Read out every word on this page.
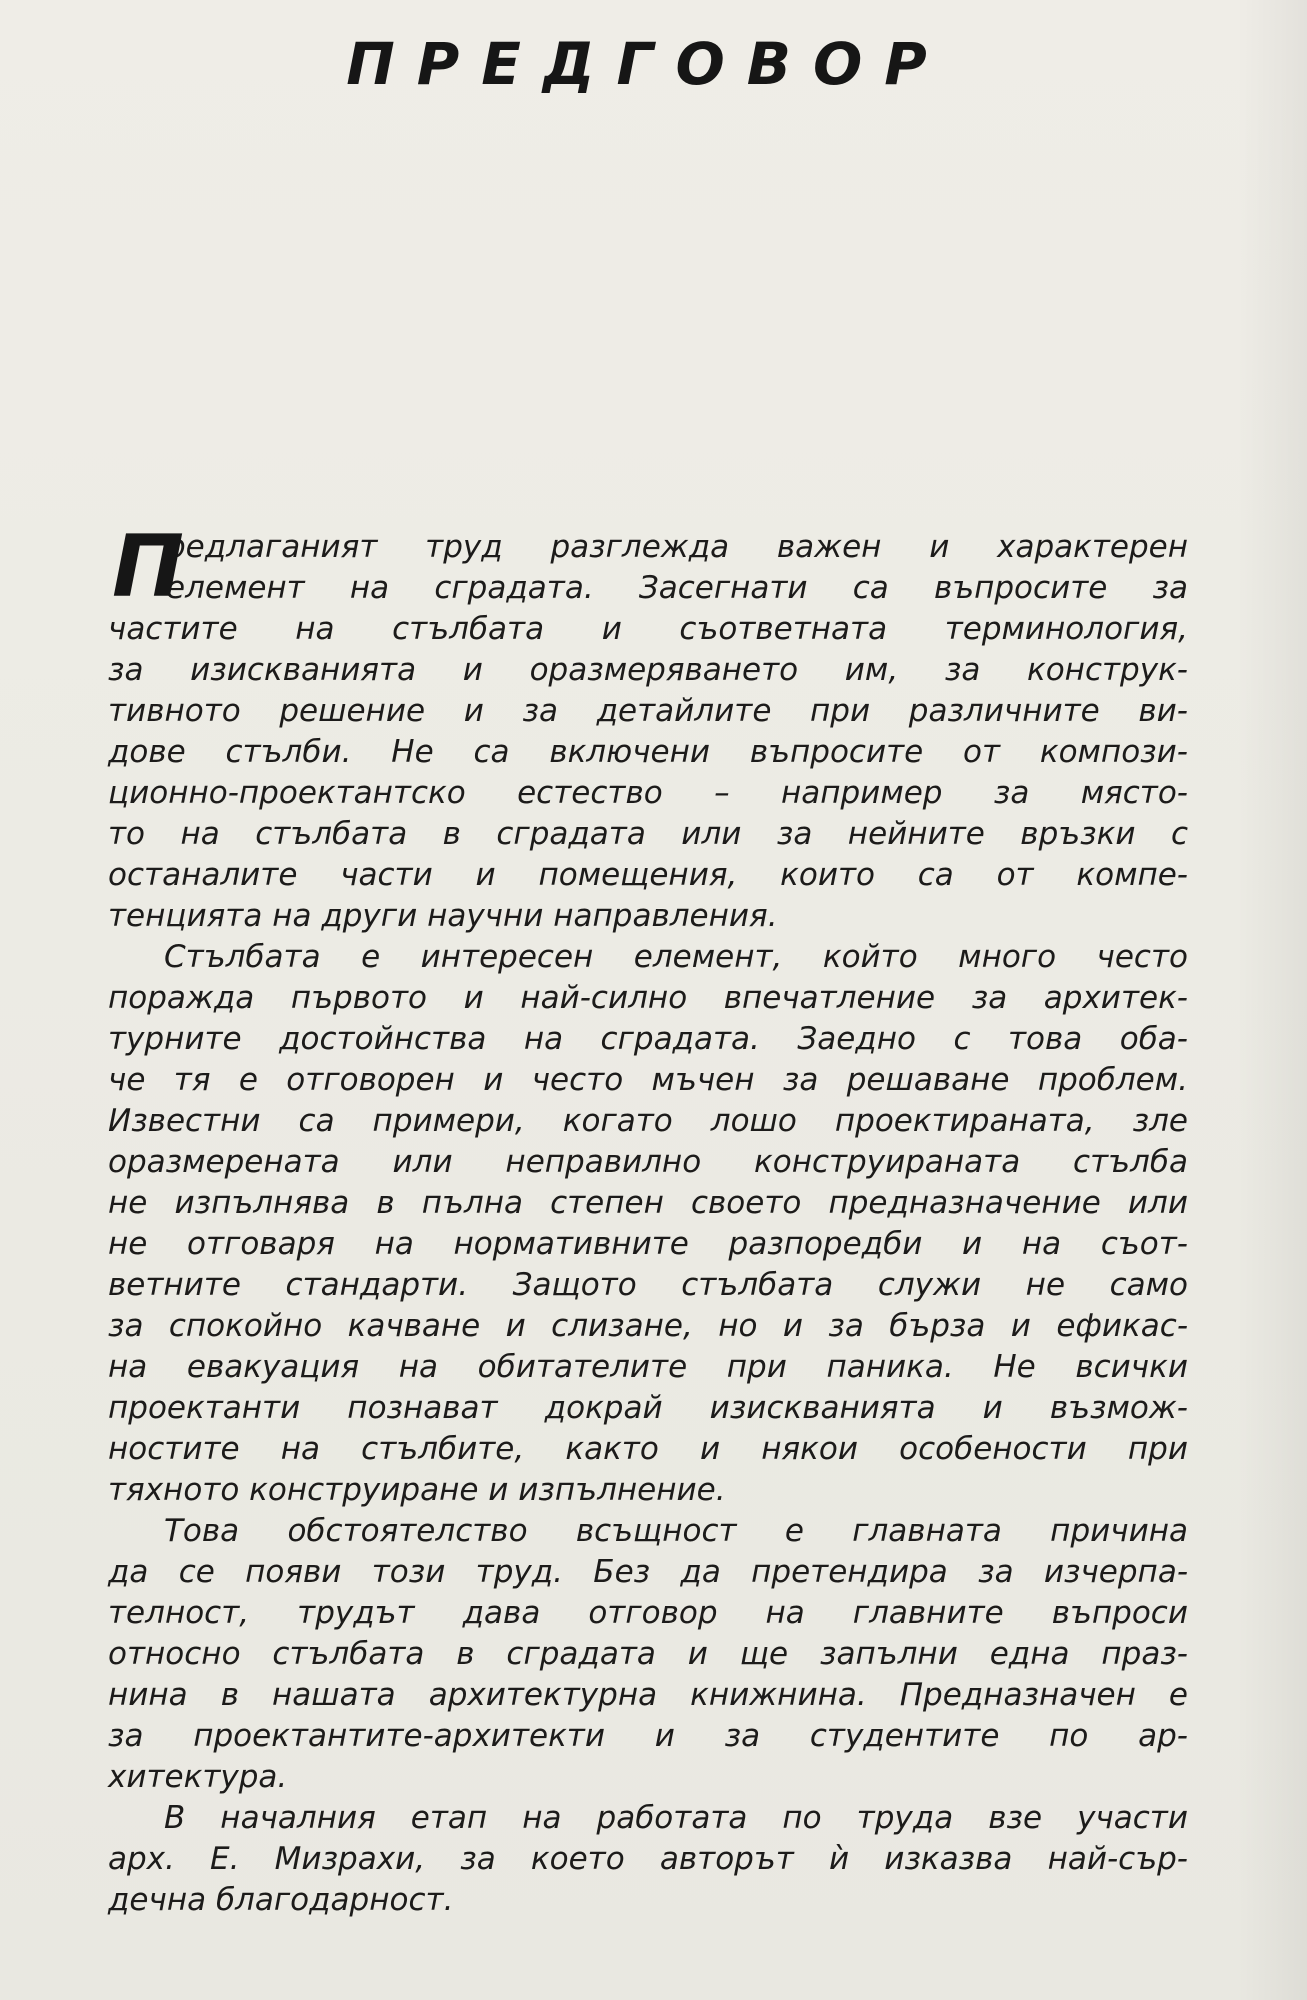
ПРЕДГОВОР
П
редлаганият труд разглежда важен и характерен
елемент на сградата. Засегнати са въпросите за
частите на стълбата и съответната терминология,
за изискванията и оразмеряването им, за конструк-
тивното решение и за детайлите при различните ви-
дове стълби. Не са включени въпросите от компози-
ционно-проектантско естество – например за място-
то на стълбата в сградата или за нейните връзки с
останалите части и помещения, които са от компе-
тенцията на други научни направления.
Стълбата е интересен елемент, който много често
поражда първото и най-силно впечатление за архитек-
турните достойнства на сградата. Заедно с това оба-
че тя е отговорен и често мъчен за решаване проблем.
Известни са примери, когато лошо проектираната, зле
оразмерената или неправилно конструираната стълба
не изпълнява в пълна степен своето предназначение или
не отговаря на нормативните разпоредби и на съот-
ветните стандарти. Защото стълбата служи не само
за спокойно качване и слизане, но и за бърза и ефикас-
на евакуация на обитателите при паника. Не всички
проектанти познават докрай изискванията и възмож-
ностите на стълбите, както и някои особености при
тяхното конструиране и изпълнение.
Това обстоятелство всъщност е главната причина
да се появи този труд. Без да претендира за изчерпа-
телност, трудът дава отговор на главните въпроси
относно стълбата в сградата и ще запълни една праз-
нина в нашата архитектурна книжнина. Предназначен е
за проектантите-архитекти и за студентите по ар-
хитектура.
В началния етап на работата по труда взе участи
арх. Е. Мизрахи, за което авторът ѝ изказва най-сър-
дечна благодарност.
